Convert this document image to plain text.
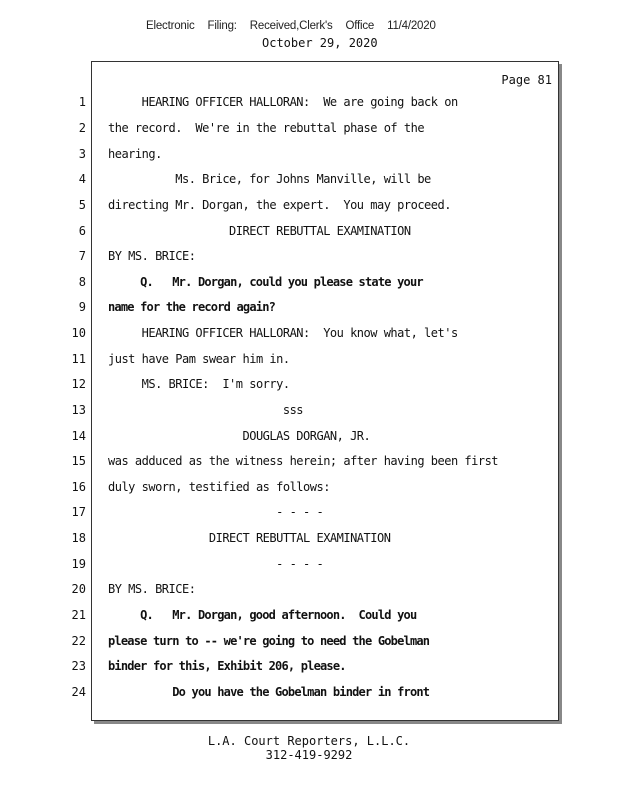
Electronic Filing: Received,Clerk's Office 11/4/2020
October 29, 2020
Page 81
1
2
3
4
5
6
7
8
9
10
11
12
13
14
15
16
17
18
19
20
21
22
23
24
HEARING OFFICER HALLORAN:  We are going back on
the record.  We're in the rebuttal phase of the
hearing.
Ms. Brice, for Johns Manville, will be
directing Mr. Dorgan, the expert.  You may proceed.
DIRECT REBUTTAL EXAMINATION
BY MS. BRICE:
Q.   Mr. Dorgan, could you please state your
name for the record again?
HEARING OFFICER HALLORAN:  You know what, let's
just have Pam swear him in.
MS. BRICE:  I'm sorry.
sss
DOUGLAS DORGAN, JR.
was adduced as the witness herein; after having been first
duly sworn, testified as follows:
- - - -
DIRECT REBUTTAL EXAMINATION
- - - -
BY MS. BRICE:
Q.   Mr. Dorgan, good afternoon.  Could you
please turn to -- we're going to need the Gobelman
binder for this, Exhibit 206, please.
Do you have the Gobelman binder in front
L.A. Court Reporters, L.L.C.
312-419-9292
